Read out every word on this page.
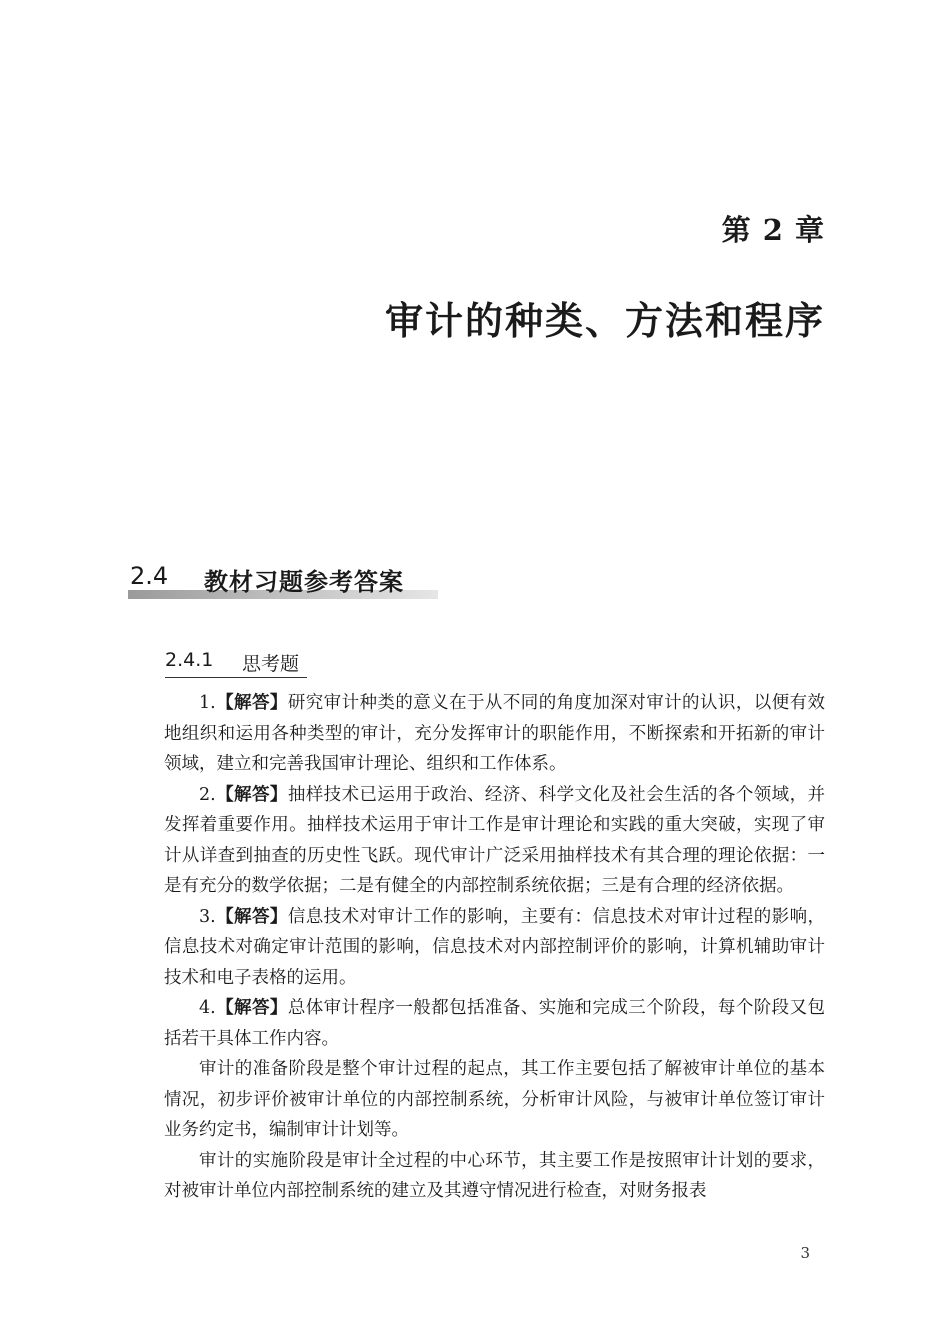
第 2 章
审计的种类、方法和程序
2.4 教材习题参考答案
2.4.1 思考题

1.【解答】研究审计种类的意义在于从不同的角度加深对审计的认识，以便有效地组织和运用各种类型的审计，充分发挥审计的职能作用，不断探索和开拓新的审计领域，建立和完善我国审计理论、组织和工作体系。

2.【解答】抽样技术已运用于政治、经济、科学文化及社会生活的各个领域，并发挥着重要作用。抽样技术运用于审计工作是审计理论和实践的重大突破，实现了审计从详查到抽查的历史性飞跃。现代审计广泛采用抽样技术有其合理的理论依据：一是有充分的数学依据；二是有健全的内部控制系统依据；三是有合理的经济依据。

3.【解答】信息技术对审计工作的影响，主要有：信息技术对审计过程的影响，信息技术对确定审计范围的影响，信息技术对内部控制评价的影响，计算机辅助审计技术和电子表格的运用。

4.【解答】总体审计程序一般都包括准备、实施和完成三个阶段，每个阶段又包括若干具体工作内容。

审计的准备阶段是整个审计过程的起点，其工作主要包括了解被审计单位的基本情况，初步评价被审计单位的内部控制系统，分析审计风险，与被审计单位签订审计业务约定书，编制审计计划等。

审计的实施阶段是审计全过程的中心环节，其主要工作是按照审计计划的要求，对被审计单位内部控制系统的建立及其遵守情况进行检查，对财务报表

3
